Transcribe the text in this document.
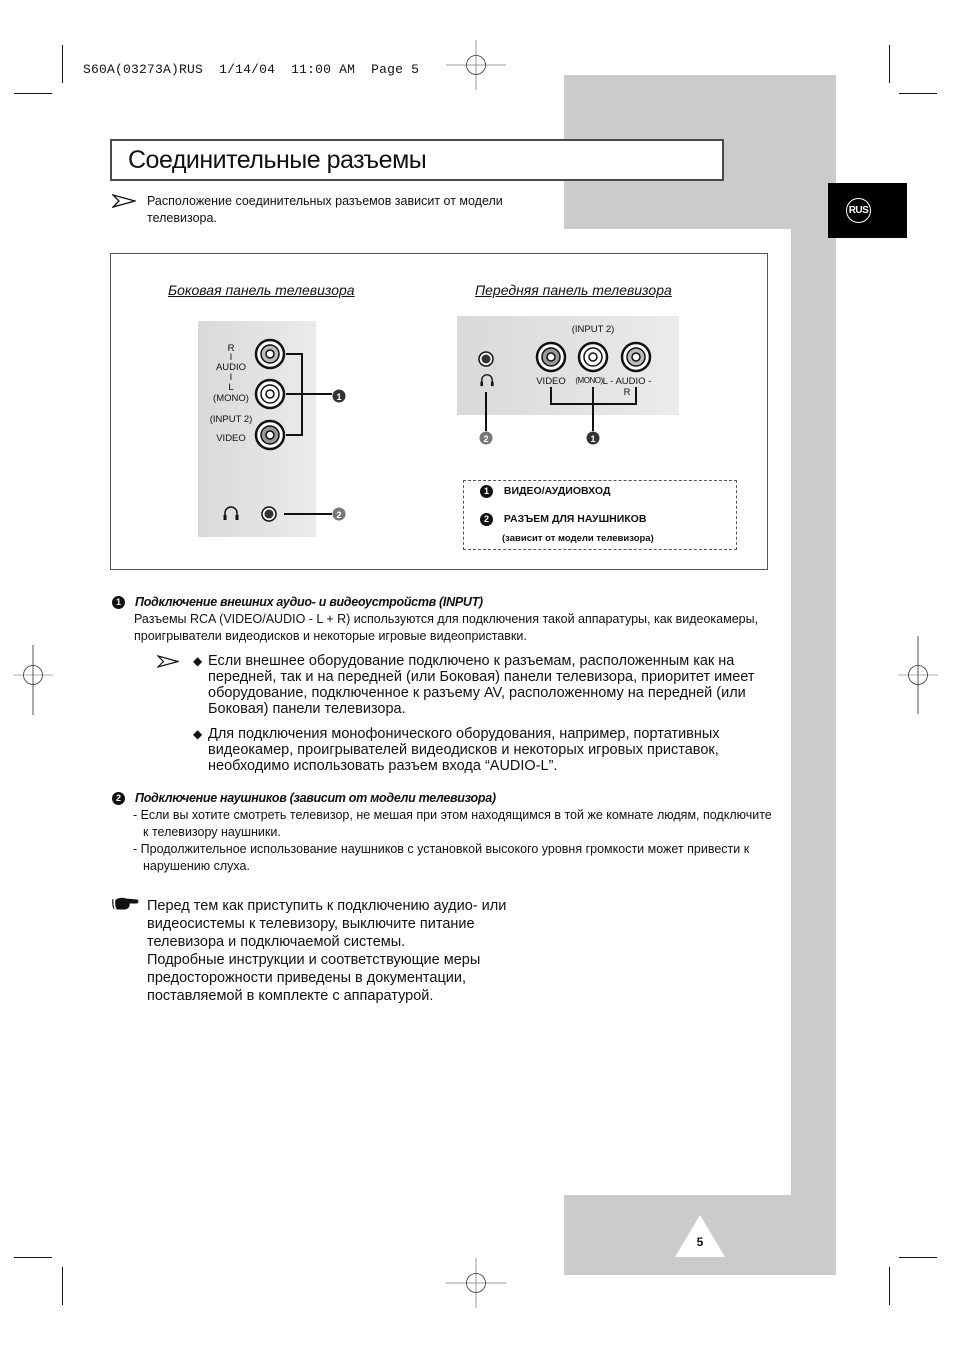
S60A(03273A)RUS 1/14/04 11:00 AM Page 5

Соединительные разъемы
Расположение соединительных разъемов зависит от модели
телевизора.
RUS
Боковая панель телевизора
R
I
AUDIO
I
L
(MONO)
(INPUT 2)
VIDEO
1
2
Передняя панель телевизора
(INPUT 2)
VIDEO	(MONO) L - AUDIO - R
2	1
1 ВИДЕО/АУДИОВХОД
2 РАЗЪЕМ ДЛЯ НАУШНИКОВ
(зависит от модели телевизора)
1	Подключение внешних аудио- и видеоустройств (INPUT)
Разъемы RCA (VIDEO/AUDIO - L + R) используются для подключения такой аппаратуры, как видеокамеры,
проигрыватели видеодисков и некоторые игровые видеоприставки.
◆ Если внешнее оборудование подключено к разъемам, расположенным как на
передней, так и на передней (или Боковая) панели телевизора, приоритет имеет
оборудование, подключенное к разъему AV, расположенному на передней (или
Боковая) панели телевизора.
◆ Для подключения монофонического оборудования, например, портативных
видеокамер, проигрывателей видеодисков и некоторых игровых приставок,
необходимо использовать разъем входа “AUDIO-L”.
2	Подключение наушников (зависит от модели телевизора)
- Если вы хотите смотреть телевизор, не мешая при этом находящимся в той же комнате людям, подключите
к телевизору наушники.
- Продолжительное использование наушников с установкой высокого уровня громкости может привести к
нарушению слуха.
Перед тем как приступить к подключению аудио- или
видеосистемы к телевизору, выключите питание
телевизора и подключаемой системы.
Подробные инструкции и соответствующие меры
предосторожности приведены в документации,
поставляемой в комплекте с аппаратурой.
5
